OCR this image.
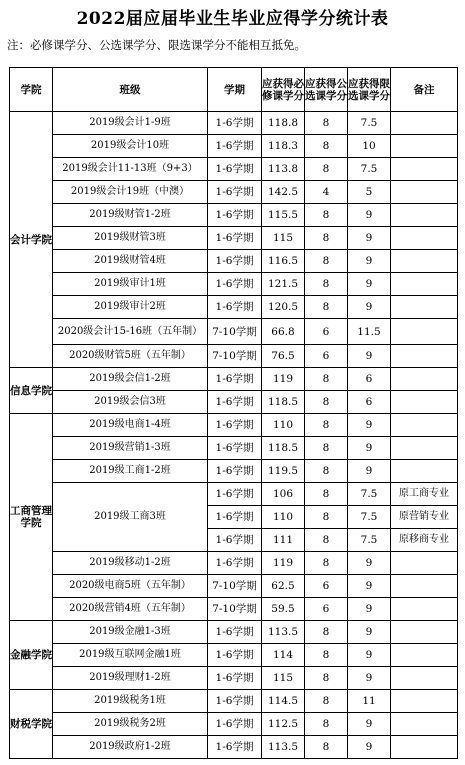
2022届应届毕业生毕业应得学分统计表
注：必修课学分、公选课学分、限选课学分不能相互抵免。
学院	班级	学期	应获得必修课学分	应获得公选课学分	应获得限选课学分	备注
会计学院	2019级会计1-9班	1-6学期	118.8	8	7.5	
	2019级会计10班	1-6学期	118.3	8	10	
	2019级会计11-13班（9+3）	1-6学期	113.8	8	7.5	
	2019级会计19班（中澳）	1-6学期	142.5	4	5	
	2019级财管1-2班	1-6学期	115.5	8	9	
	2019级财管3班	1-6学期	115	8	9	
	2019级财管4班	1-6学期	116.5	8	9	
	2019级审计1班	1-6学期	121.5	8	9	
	2019级审计2班	1-6学期	120.5	8	9	
	2020级会计15-16班（五年制）	7-10学期	66.8	6	11.5	
	2020级财管5班（五年制）	7-10学期	76.5	6	9	
信息学院	2019级会信1-2班	1-6学期	119	8	6	
	2019级会信3班	1-6学期	118.5	8	6	
工商管理学院	2019级电商1-4班	1-6学期	110	8	9	
	2019级营销1-3班	1-6学期	118.5	8	9	
	2019级工商1-2班	1-6学期	119.5	8	9	
	2019级工商3班	1-6学期	106	8	7.5	原工商专业
		1-6学期	110	8	7.5	原营销专业
		1-6学期	111	8	7.5	原移商专业
	2019级移动1-2班	1-6学期	119	8	9	
	2020级电商5班（五年制）	7-10学期	62.5	6	9	
	2020级营销4班（五年制）	7-10学期	59.5	6	9	
金融学院	2019级金融1-3班	1-6学期	113.5	8	9	
	2019级互联网金融1班	1-6学期	114	8	9	
	2019级理财1-2班	1-6学期	115	8	9	
财税学院	2019级税务1班	1-6学期	114.5	8	11	
	2019级税务2班	1-6学期	112.5	8	9	
	2019级政府1-2班	1-6学期	113.5	8	9	
